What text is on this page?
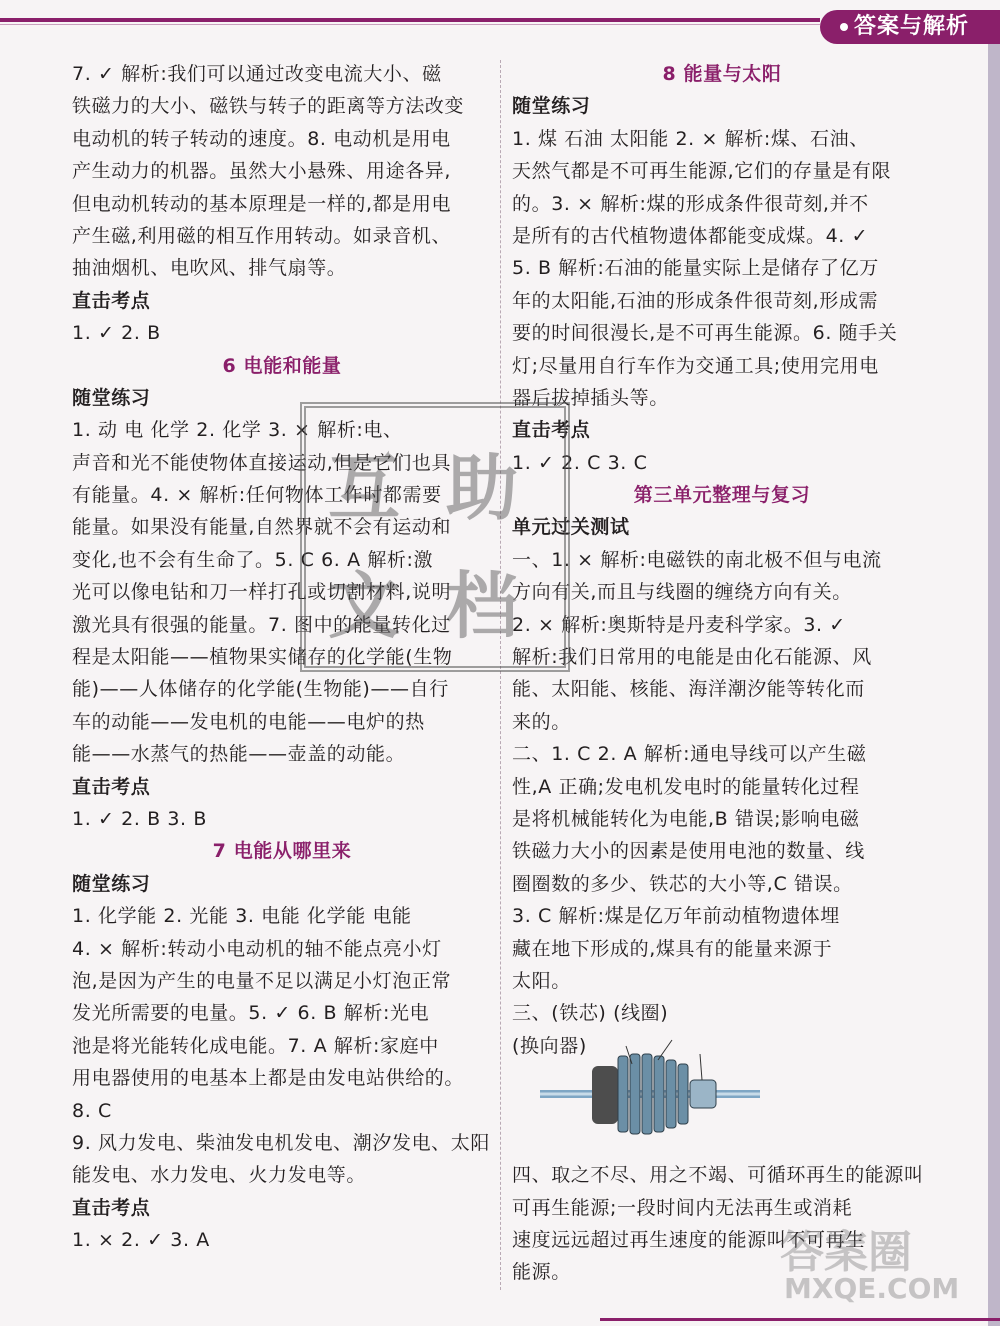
答案与解析
7. ✓ 解析:我们可以通过改变电流大小、磁
铁磁力的大小、磁铁与转子的距离等方法改变
电动机的转子转动的速度。8. 电动机是用电
产生动力的机器。虽然大小悬殊、用途各异,
但电动机转动的基本原理是一样的,都是用电
产生磁,利用磁的相互作用转动。如录音机、
抽油烟机、电吹风、排气扇等。
直击考点
1. ✓ 2. B
6 电能和能量
随堂练习
1. 动 电 化学 2. 化学 3. × 解析:电、
声音和光不能使物体直接运动,但是它们也具
有能量。4. × 解析:任何物体工作时都需要
能量。如果没有能量,自然界就不会有运动和
变化,也不会有生命了。5. C 6. A 解析:激
光可以像电钻和刀一样打孔或切割材料,说明
激光具有很强的能量。7. 图中的能量转化过
程是太阳能——植物果实储存的化学能(生物
能)——人体储存的化学能(生物能)——自行
车的动能——发电机的电能——电炉的热
能——水蒸气的热能——壶盖的动能。
直击考点
1. ✓ 2. B 3. B
7 电能从哪里来
随堂练习
1. 化学能 2. 光能 3. 电能 化学能 电能
4. × 解析:转动小电动机的轴不能点亮小灯
泡,是因为产生的电量不足以满足小灯泡正常
发光所需要的电量。5. ✓ 6. B 解析:光电
池是将光能转化成电能。7. A 解析:家庭中
用电器使用的电基本上都是由发电站供给的。
8. C
9. 风力发电、柴油发电机发电、潮汐发电、太阳
能发电、水力发电、火力发电等。
直击考点
1. × 2. ✓ 3. A
8 能量与太阳
随堂练习
1. 煤 石油 太阳能 2. × 解析:煤、石油、
天然气都是不可再生能源,它们的存量是有限
的。3. × 解析:煤的形成条件很苛刻,并不
是所有的古代植物遗体都能变成煤。4. ✓
5. B 解析:石油的能量实际上是储存了亿万
年的太阳能,石油的形成条件很苛刻,形成需
要的时间很漫长,是不可再生能源。6. 随手关
灯;尽量用自行车作为交通工具;使用完用电
器后拔掉插头等。
直击考点
1. ✓ 2. C 3. C
第三单元整理与复习
单元过关测试
一、1. × 解析:电磁铁的南北极不但与电流
方向有关,而且与线圈的缠绕方向有关。
2. × 解析:奥斯特是丹麦科学家。3. ✓
解析:我们日常用的电能是由化石能源、风
能、太阳能、核能、海洋潮汐能等转化而
来的。
二、1. C 2. A 解析:通电导线可以产生磁
性,A 正确;发电机发电时的能量转化过程
是将机械能转化为电能,B 错误;影响电磁
铁磁力大小的因素是使用电池的数量、线
圈圈数的多少、铁芯的大小等,C 错误。
3. C 解析:煤是亿万年前动植物遗体埋
藏在地下形成的,煤具有的能量来源于
太阳。
三、(铁芯) (线圈)
(换向器)
四、取之不尽、用之不竭、可循环再生的能源叫
可再生能源;一段时间内无法再生或消耗
速度远远超过再生速度的能源叫不可再生
能源。
互 助
文 档
答案圈
MXQE.COM
